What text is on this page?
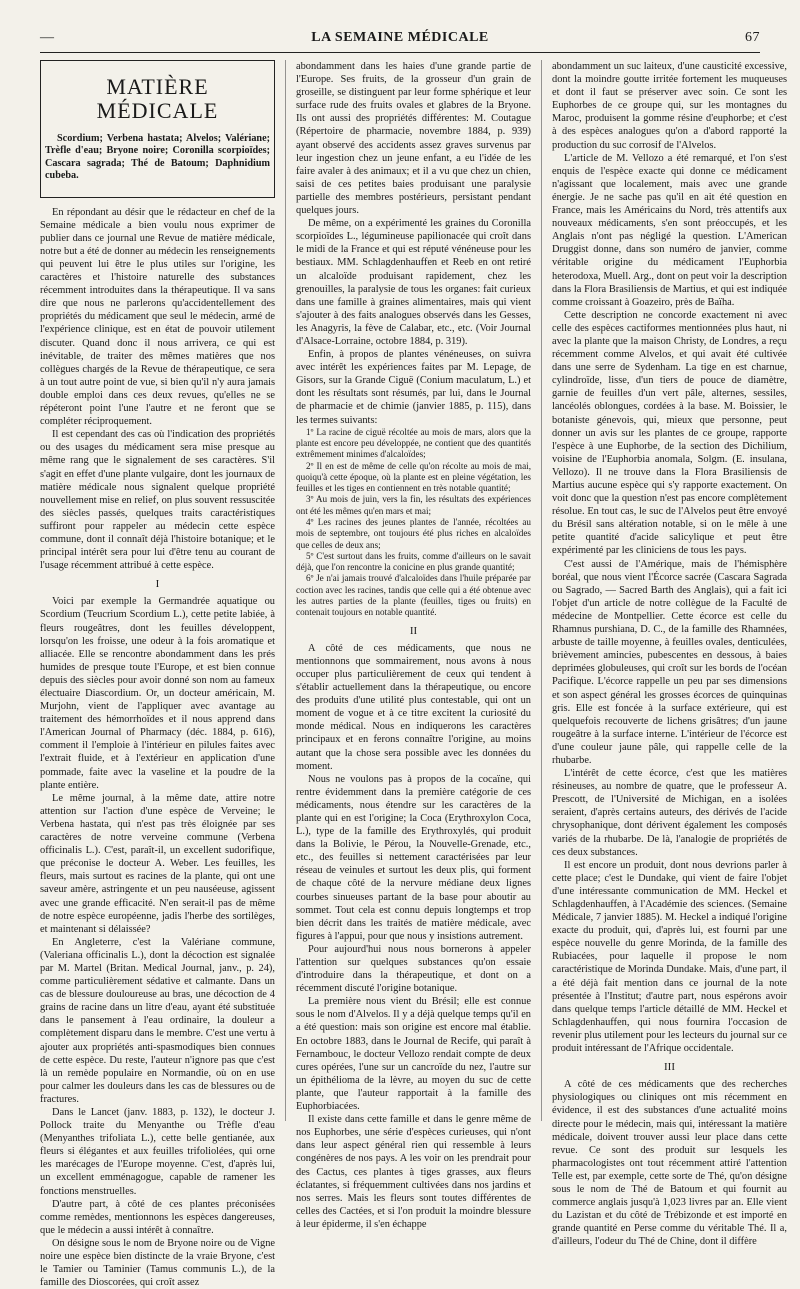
—	LA SEMAINE MÉDICALE	67
MATIÈRE MÉDICALE
Scordium; Verbena hastata; Alvelos; Valériane; Trèfle d'eau; Bryone noire; Coronilla scorpioïdes; Cascara sagrada; Thé de Batoum; Daphnidium cubeba.

En répondant au désir que le rédacteur en chef de la Semaine médicale a bien voulu nous exprimer de publier dans ce journal une Revue de matière médicale, notre but a été de donner au médecin les renseignements qui peuvent lui être le plus utiles sur l'origine, les caractères et l'histoire naturelle des substances récemment introduites dans la thérapeutique. Il va sans dire que nous ne parlerons qu'accidentellement des propriétés du médicament que seul le médecin, armé de l'expérience clinique, est en état de pouvoir utilement discuter. Quand donc il nous arrivera, ce qui est inévitable, de traiter des mêmes matières que nos collègues chargés de la Revue de thérapeutique, ce sera à un tout autre point de vue, si bien qu'il n'y aura jamais double emploi dans ces deux revues, qu'elles ne se répéteront point l'une l'autre et ne feront que se compléter réciproquement.

Il est cependant des cas où l'indication des propriétés ou des usages du médicament sera mise presque au même rang que le signalement de ses caractères. S'il s'agit en effet d'une plante vulgaire, dont les journaux de matière médicale nous signalent quelque propriété nouvellement mise en relief, on plus souvent ressuscitée des siècles passés, quelques traits caractéristiques suffiront pour rappeler au médecin cette espèce commune, dont il connaît déjà l'histoire botanique; et le principal intérêt sera pour lui d'être tenu au courant de l'usage récemment attribué à cette espèce.

I

Voici par exemple la Germandrée aquatique ou Scordium (Teucrium Scordium L.), cette petite labiée, à fleurs rougeâtres, dont les feuilles développent, lorsqu'on les froisse, une odeur à la fois aromatique et alliacée. Elle se rencontre abondamment dans les prés humides de presque toute l'Europe, et est bien connue depuis des siècles pour avoir donné son nom au fameux électuaire Diascordium. Or, un docteur américain, M. Murjohn, vient de l'appliquer avec avantage au traitement des hémorrhoïdes et il nous apprend dans l'American Journal of Pharmacy (déc. 1884, p. 616), comment il l'emploie à l'intérieur en pilules faites avec l'extrait fluide, et à l'extérieur en application d'une pommade, faite avec la vaseline et la poudre de la plante entière.

Le même journal, à la même date, attire notre attention sur l'action d'une espèce de Verveine; le Verbena hastata, qui n'est pas très éloignée par ses caractères de notre verveine commune (Verbena officinalis L.). C'est, paraît-il, un excellent sudorifique, que préconise le docteur A. Weber. Les feuilles, les fleurs, mais surtout es racines de la plante, qui ont une saveur amère, astringente et un peu nauséeuse, agissent avec une grande efficacité. N'en serait-il pas de même de notre espèce européenne, jadis l'herbe des sortilèges, et maintenant si délaissée?

En Angleterre, c'est la Valériane commune, (Valeriana officinalis L.), dont la décoction est signalée par M. Martel (Britan. Medical Journal, janv., p. 24), comme particulièrement sédative et calmante. Dans un cas de blessure douloureuse au bras, une décoction de 4 grains de racine dans un litre d'eau, ayant été substituée dans le pansement à l'eau ordinaire, la douleur a complètement disparu dans le membre. C'est une vertu à ajouter aux propriétés anti-spasmodiques bien connues de cette espèce. Du reste, l'auteur n'ignore pas que c'est là un remède populaire en Normandie, où on en use pour calmer les douleurs dans les cas de blessures ou de fractures.

Dans le Lancet (janv. 1883, p. 132), le docteur J. Pollock traite du Menyanthe ou Trèfle d'eau (Menyanthes trifoliata L.), cette belle gentianée, aux fleurs si élégantes et aux feuilles trifoliolées, qui orne les marécages de l'Europe moyenne. C'est, d'après lui, un excellent emménagogue, capable de ramener les fonctions menstruelles.

D'autre part, à côté de ces plantes préconisées comme remèdes, mentionnons les espèces dangereuses, que le médecin a aussi intérêt à connaître.

On désigne sous le nom de Bryone noire ou de Vigne noire une espèce bien distincte de la vraie Bryone, c'est le Tamier ou Taminier (Tamus communis L.), de la famille des Dioscorées, qui croît assez

abondamment dans les haies d'une grande partie de l'Europe. Ses fruits, de la grosseur d'un grain de groseille, se distinguent par leur forme sphérique et leur surface rude des fruits ovales et glabres de la Bryone. Ils ont aussi des propriétés différentes: M. Coutague (Répertoire de pharmacie, novembre 1884, p. 939) ayant observé des accidents assez graves survenus par leur ingestion chez un jeune enfant, a eu l'idée de les faire avaler à des animaux; et il a vu que chez un chien, saisi de ces petites baies produisant une paralysie partielle des membres postérieurs, persistant pendant quelques jours.

De même, on a expérimenté les graines du Coronilla scorpioïdes L., légumineuse papilionacée qui croît dans le midi de la France et qui est réputé vénéneuse pour les bestiaux. MM. Schlagdenhauffen et Reeb en ont retiré un alcaloïde produisant rapidement, chez les grenouilles, la paralysie de tous les organes: fait curieux dans une famille à graines alimentaires, mais qui vient s'ajouter à des faits analogues observés dans les Gesses, les Anagyris, la fève de Calabar, etc., etc. (Voir Journal d'Alsace-Lorraine, octobre 1884, p. 319).

Enfin, à propos de plantes vénéneuses, on suivra avec intérêt les expériences faites par M. Lepage, de Gisors, sur la Grande Ciguë (Conium maculatum, L.) et dont les résultats sont résumés, par lui, dans le Journal de pharmacie et de chimie (janvier 1885, p. 115), dans les termes suivants:

1º La racine de ciguë récoltée au mois de mars, alors que la plante est encore peu développée, ne contient que des quantités extrêmement minimes d'alcaloïdes;

2º Il en est de même de celle qu'on récolte au mois de mai, quoiqu'à cette époque, où la plante est en pleine végétation, les feuilles et les tiges en contiennent en très notable quantité;

3º Au mois de juin, vers la fin, les résultats des expériences ont été les mêmes qu'en mars et mai;

4º Les racines des jeunes plantes de l'année, récoltées au mois de septembre, ont toujours été plus riches en alcaloïdes que celles de deux ans;

5º C'est surtout dans les fruits, comme d'ailleurs on le savait déjà, que l'on rencontre la conicine en plus grande quantité;

6º Je n'ai jamais trouvé d'alcaloïdes dans l'huile préparée par coction avec les racines, tandis que celle qui a été obtenue avec les autres parties de la plante (feuilles, tiges ou fruits) en contenait toujours en notable quantité.

II

A côté de ces médicaments, que nous ne mentionnons que sommairement, nous avons à nous occuper plus particulièrement de ceux qui tendent à s'établir actuellement dans la thérapeutique, ou encore des produits d'une utilité plus contestable, qui ont un moment de vogue et à ce titre excitent la curiosité du monde médical. Nous en indiquerons les caractères principaux et en ferons connaître l'origine, au moins autant que la chose sera possible avec les données du moment.

Nous ne voulons pas à propos de la cocaïne, qui rentre évidemment dans la première catégorie de ces médicaments, nous étendre sur les caractères de la plante qui en est l'origine; la Coca (Erythroxylon Coca, L.), type de la famille des Erythroxylés, qui produit dans la Bolivie, le Pérou, la Nouvelle-Grenade, etc., etc., des feuilles si nettement caractérisées par leur réseau de veinules et surtout les deux plis, qui forment de chaque côté de la nervure médiane deux lignes courbes sinueuses partant de la base pour aboutir au sommet. Tout cela est connu depuis longtemps et trop bien décrit dans les traités de matière médicale, avec figures à l'appui, pour que nous y insistions autrement.

Pour aujourd'hui nous nous bornerons à appeler l'attention sur quelques substances qu'on essaie d'introduire dans la thérapeutique, et dont on a récemment discuté l'origine botanique.

La première nous vient du Brésil; elle est connue sous le nom d'Alvelos. Il y a déjà quelque temps qu'il en a été question: mais son origine est encore mal établie. En octobre 1883, dans le Journal de Recife, qui paraît à Fernambouc, le docteur Vellozo rendait compte de deux cures opérées, l'une sur un cancroïde du nez, l'autre sur un épithélioma de la lèvre, au moyen du suc de cette plante, que l'auteur rapportait à la famille des Euphorbiacées.

Il existe dans cette famille et dans le genre même de nos Euphorbes, une série d'espèces curieuses, qui n'ont dans leur aspect général rien qui ressemble à leurs congénères de nos pays. A les voir on les prendrait pour des Cactus, ces plantes à tiges grasses, aux fleurs éclatantes, si fréquemment cultivées dans nos jardins et nos serres. Mais les fleurs sont toutes différentes de celles des Cactées, et si l'on produit la moindre blessure à leur épiderme, il s'en échappe

abondamment un suc laiteux, d'une causticité excessive, dont la moindre goutte irritée fortement les muqueuses et dont il faut se préserver avec soin. Ce sont les Euphorbes de ce groupe qui, sur les montagnes du Maroc, produisent la gomme résine d'euphorbe; et c'est à des espèces analogues qu'on a d'abord rapporté la production du suc corrosif de l'Alvelos.

L'article de M. Vellozo a été remarqué, et l'on s'est enquis de l'espèce exacte qui donne ce médicament n'agissant que localement, mais avec une grande énergie. Je ne sache pas qu'il en ait été question en France, mais les Américains du Nord, très attentifs aux nouveaux médicaments, s'en sont préoccupés, et les Anglais n'ont pas négligé la question. L'American Druggist donne, dans son numéro de janvier, comme véritable origine du médicament l'Euphorbia heterodoxa, Muell. Arg., dont on peut voir la description dans la Flora Brasiliensis de Martius, et qui est indiquée comme croissant à Goazeiro, près de Baïha.

Cette description ne concorde exactement ni avec celle des espèces cactiformes mentionnées plus haut, ni avec la plante que la maison Christy, de Londres, a reçu récemment comme Alvelos, et qui avait été cultivée dans une serre de Sydenham. La tige en est charnue, cylindroïde, lisse, d'un tiers de pouce de diamètre, garnie de feuilles d'un vert pâle, alternes, sessiles, lancéolés oblongues, cordées à la base. M. Boissier, le botaniste génevois, qui, mieux que personne, peut donner un avis sur les plantes de ce groupe, rapporte l'espèce à une Euphorbe, de la section des Dichilium, voisine de l'Euphorbia anomala, Solgm. (E. insulana, Vellozo). Il ne trouve dans la Flora Brasiliensis de Martius aucune espèce qui s'y rapporte exactement. On voit donc que la question n'est pas encore complètement résolue. En tout cas, le suc de l'Alvelos peut être envoyé du Brésil sans altération notable, si on le mêle à une petite quantité d'acide salicylique et peut être expérimenté par les cliniciens de tous les pays.

C'est aussi de l'Amérique, mais de l'hémisphère boréal, que nous vient l'Écorce sacrée (Cascara Sagrada ou Sagrado, — Sacred Barth des Anglais), qui a fait ici l'objet d'un article de notre collègue de la Faculté de médecine de Montpellier. Cette écorce est celle du Rhamnus purshiana, D. C., de la famille des Rhamnées, arbuste de taille moyenne, à feuilles ovales, denticulées, brièvement amincies, pubescentes en dessous, à baies deprimées globuleuses, qui croît sur les bords de l'océan Pacifique. L'écorce rappelle un peu par ses dimensions et son aspect général les grosses écorces de quinquinas gris. Elle est foncée à la surface extérieure, qui est quelquefois recouverte de lichens grisâtres; d'un jaune rougeâtre à la surface interne. L'intérieur de l'écorce est d'une couleur jaune pâle, qui rappelle celle de la rhubarbe.

L'intérêt de cette écorce, c'est que les matières résineuses, au nombre de quatre, que le professeur A. Prescott, de l'Université de Michigan, en a isolées seraient, d'après certains auteurs, des dérivés de l'acide chrysophanique, dont dérivent également les composés variés de la rhubarbe. De là, l'analogie de propriétés de ces deux substances.

Il est encore un produit, dont nous devrions parler à cette place; c'est le Dundake, qui vient de faire l'objet d'une intéressante communication de MM. Heckel et Schlagdenhauffen, à l'Académie des sciences. (Semaine Médicale, 7 janvier 1885). M. Heckel a indiqué l'origine exacte du produit, qui, d'après lui, est fourni par une espèce nouvelle du genre Morinda, de la famille des Rubiacées, pour laquelle il propose le nom caractéristique de Morinda Dundake. Mais, d'une part, il a été déjà fait mention dans ce journal de la note présentée à l'Institut; d'autre part, nous espérons avoir dans quelque temps l'article détaillé de MM. Heckel et Schlagdenhauffen, qui nous fournira l'occasion de revenir plus utilement pour les lecteurs du journal sur ce produit intéressant de l'Afrique occidentale.

III

A côté de ces médicaments que des recherches physiologiques ou cliniques ont mis récemment en évidence, il est des substances d'une actualité moins directe pour le médecin, mais qui, intéressant la matière médicale, doivent trouver aussi leur place dans cette revue. Ce sont des produit sur lesquels les pharmacologistes ont tout récemment attiré l'attention Telle est, par exemple, cette sorte de Thé, qu'on désigne sous le nom de Thé de Batoum et qui fournit au commerce anglais jusqu'à 1,023 livres par an. Elle vient du Lazistan et du côté de Trébizonde et est importé en grande quantité en Perse comme du véritable Thé. Il a, d'ailleurs, l'odeur du Thé de Chine, dont il diffère
